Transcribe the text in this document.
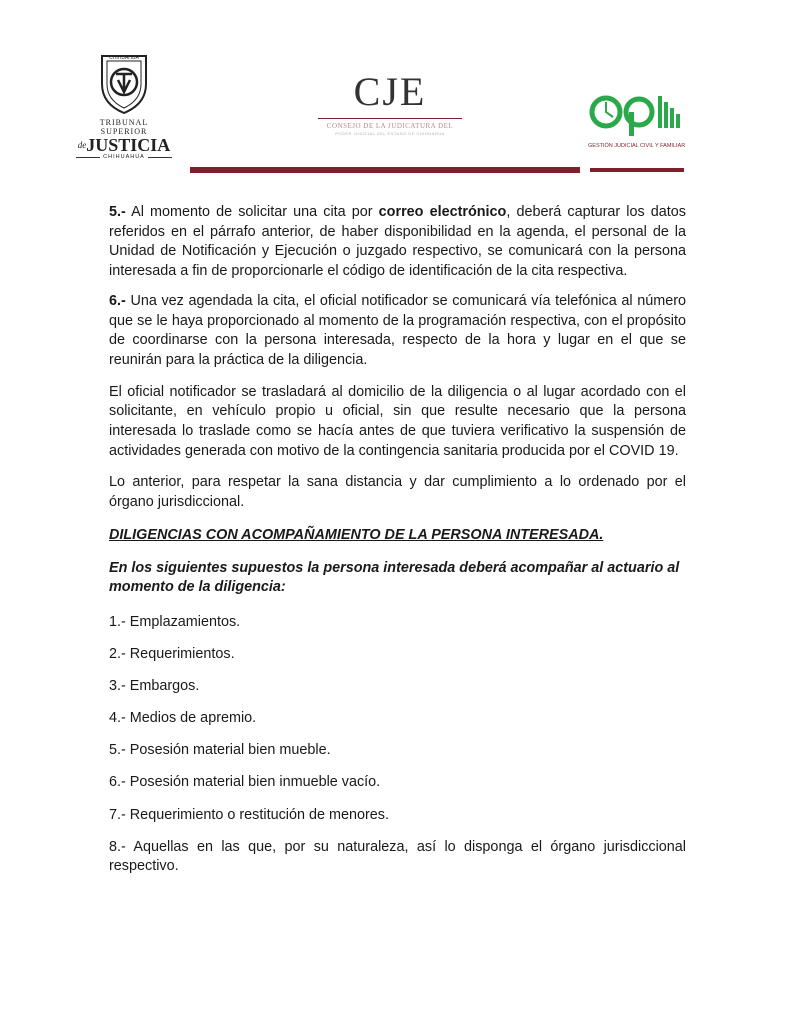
CHIHUAHUA
TRIBUNAL SUPERIOR
$^{de}$JUSTICIA
CHIHUAHUA
CJE
CONSEJO DE LA JUDICATURA DEL
PODER JUDICIAL DEL ESTADO DE CHIHUAHUA
GESTIÓN JUDICIAL CIVIL Y FAMILIAR

5.- Al momento de solicitar una cita por correo electrónico, deberá capturar los datos referidos en el párrafo anterior, de haber disponibilidad en la agenda, el personal de la Unidad de Notificación y Ejecución o juzgado respectivo, se comunicará con la persona interesada a fin de proporcionarle el código de identificación de la cita respectiva.

6.- Una vez agendada la cita, el oficial notificador se comunicará vía telefónica al número que se le haya proporcionado al momento de la programación respectiva, con el propósito de coordinarse con la persona interesada, respecto de la hora y lugar en el que se reunirán para la práctica de la diligencia.

El oficial notificador se trasladará al domicilio de la diligencia o al lugar acordado con el solicitante, en vehículo propio u oficial, sin que resulte necesario que la persona interesada lo traslade como se hacía antes de que tuviera verificativo la suspensión de actividades generada con motivo de la contingencia sanitaria producida por el COVID 19.

Lo anterior, para respetar la sana distancia y dar cumplimiento a lo ordenado por el órgano jurisdiccional.

DILIGENCIAS CON ACOMPAÑAMIENTO DE LA PERSONA INTERESADA.

En los siguientes supuestos la persona interesada deberá acompañar al actuario al momento de la diligencia:

1.- Emplazamientos.

2.- Requerimientos.

3.- Embargos.

4.- Medios de apremio.

5.- Posesión material bien mueble.

6.- Posesión material bien inmueble vacío.

7.- Requerimiento o restitución de menores.

8.- Aquellas en las que, por su naturaleza, así lo disponga el órgano jurisdiccional respectivo.
